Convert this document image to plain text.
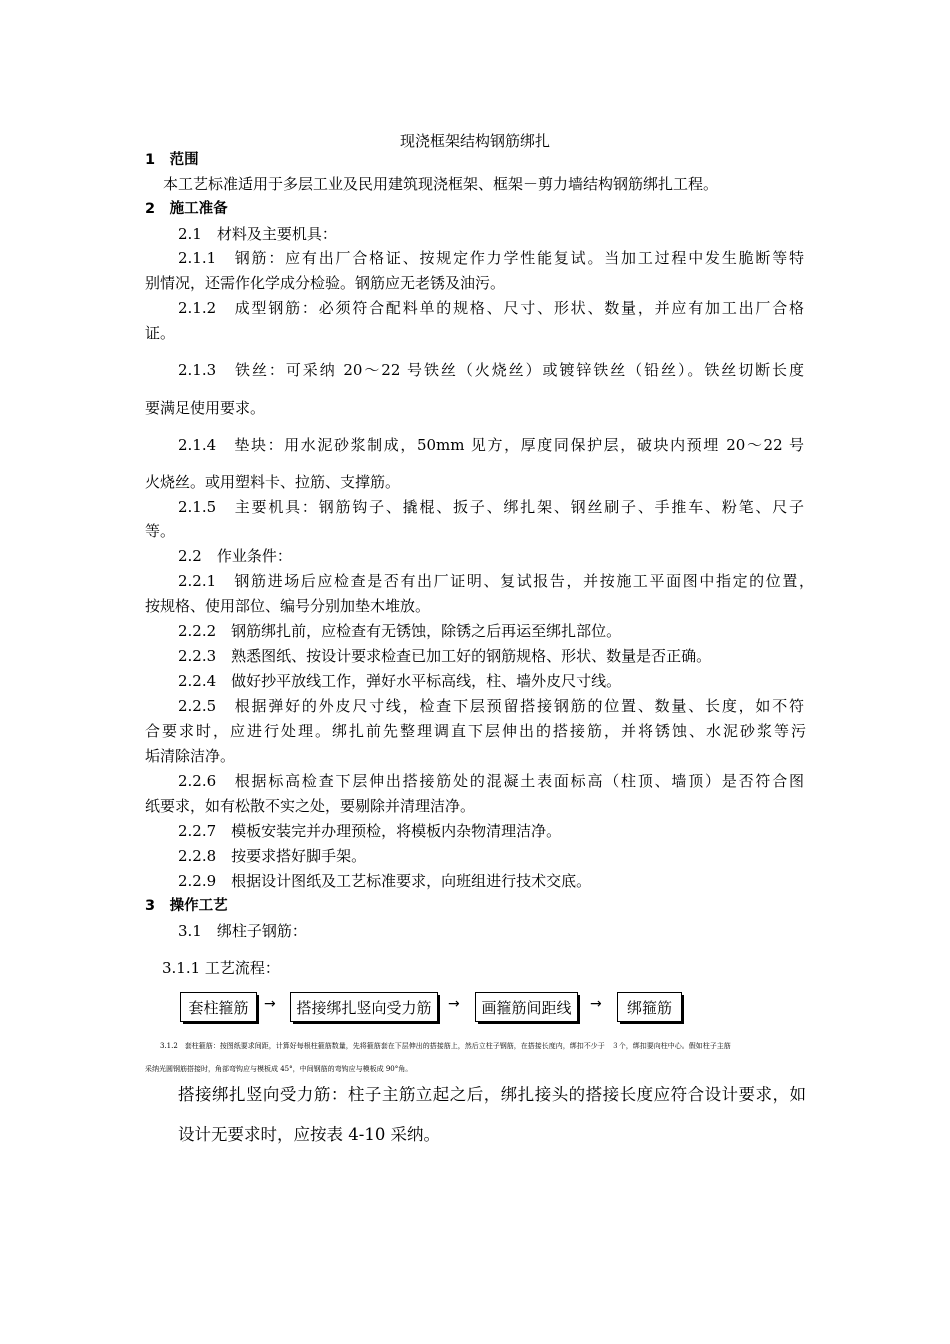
现浇框架结构钢筋绑扎
1　范围
　本工艺标准适用于多层工业及民用建筑现浇框架、框架－剪力墙结构钢筋绑扎工程。
2　施工准备
2.1　材料及主要机具：
2.1.1　钢筋：应有出厂合格证、按规定作力学性能复试。当加工过程中发生脆断等特
别情况，还需作化学成分检验。钢筋应无老锈及油污。
2.1.2　成型钢筋：必须符合配料单的规格、尺寸、形状、数量，并应有加工出厂合格
证。
2.1.3　铁丝：可采纳 20～22 号铁丝（火烧丝）或镀锌铁丝（铅丝）。铁丝切断长度
要满足使用要求。
2.1.4　垫块：用水泥砂浆制成，50mm 见方，厚度同保护层，破块内预埋 20～22 号
火烧丝。或用塑料卡、拉筋、支撑筋。
2.1.5　主要机具：钢筋钩子、撬棍、扳子、绑扎架、钢丝刷子、手推车、粉笔、尺子
等。
2.2　作业条件：
2.2.1　钢筋进场后应检查是否有出厂证明、复试报告，并按施工平面图中指定的位置，
按规格、使用部位、编号分别加垫木堆放。
2.2.2　钢筋绑扎前，应检查有无锈蚀，除锈之后再运至绑扎部位。
2.2.3　熟悉图纸、按设计要求检查已加工好的钢筋规格、形状、数量是否正确。
2.2.4　做好抄平放线工作，弹好水平标高线，柱、墙外皮尺寸线。
2.2.5　根据弹好的外皮尺寸线，检查下层预留搭接钢筋的位置、数量、长度，如不符
合要求时，应进行处理。绑扎前先整理调直下层伸出的搭接筋，并将锈蚀、水泥砂浆等污
垢清除洁净。
2.2.6　根据标高检查下层伸出搭接筋处的混凝土表面标高（柱顶、墙顶）是否符合图
纸要求，如有松散不实之处，要剔除并清理洁净。
2.2.7　模板安装完并办理预检，将模板内杂物清理洁净。
2.2.8　按要求搭好脚手架。
2.2.9　根据设计图纸及工艺标准要求，向班组进行技术交底。
3　操作工艺
3.1　绑柱子钢筋：
3.1.1 工艺流程：
套柱箍筋	→	搭接绑扎竖向受力筋	→	画箍筋间距线	→	绑箍筋
3.1.2　套柱箍筋：按图纸要求间距，计算好每根柱箍筋数量，先将箍筋套在下层伸出的搭接筋上，然后立柱子钢筋，在搭接长度内，绑扣不少于　３个，绑扣要向柱中心。假如柱子主筋
采纳光圆钢筋搭接时，角部弯钩应与模板成 45°，中间钢筋的弯钩应与模板成 90°角。
搭接绑扎竖向受力筋：柱子主筋立起之后，绑扎接头的搭接长度应符合设计要求，如
设计无要求时，应按表 4-10 采纳。
